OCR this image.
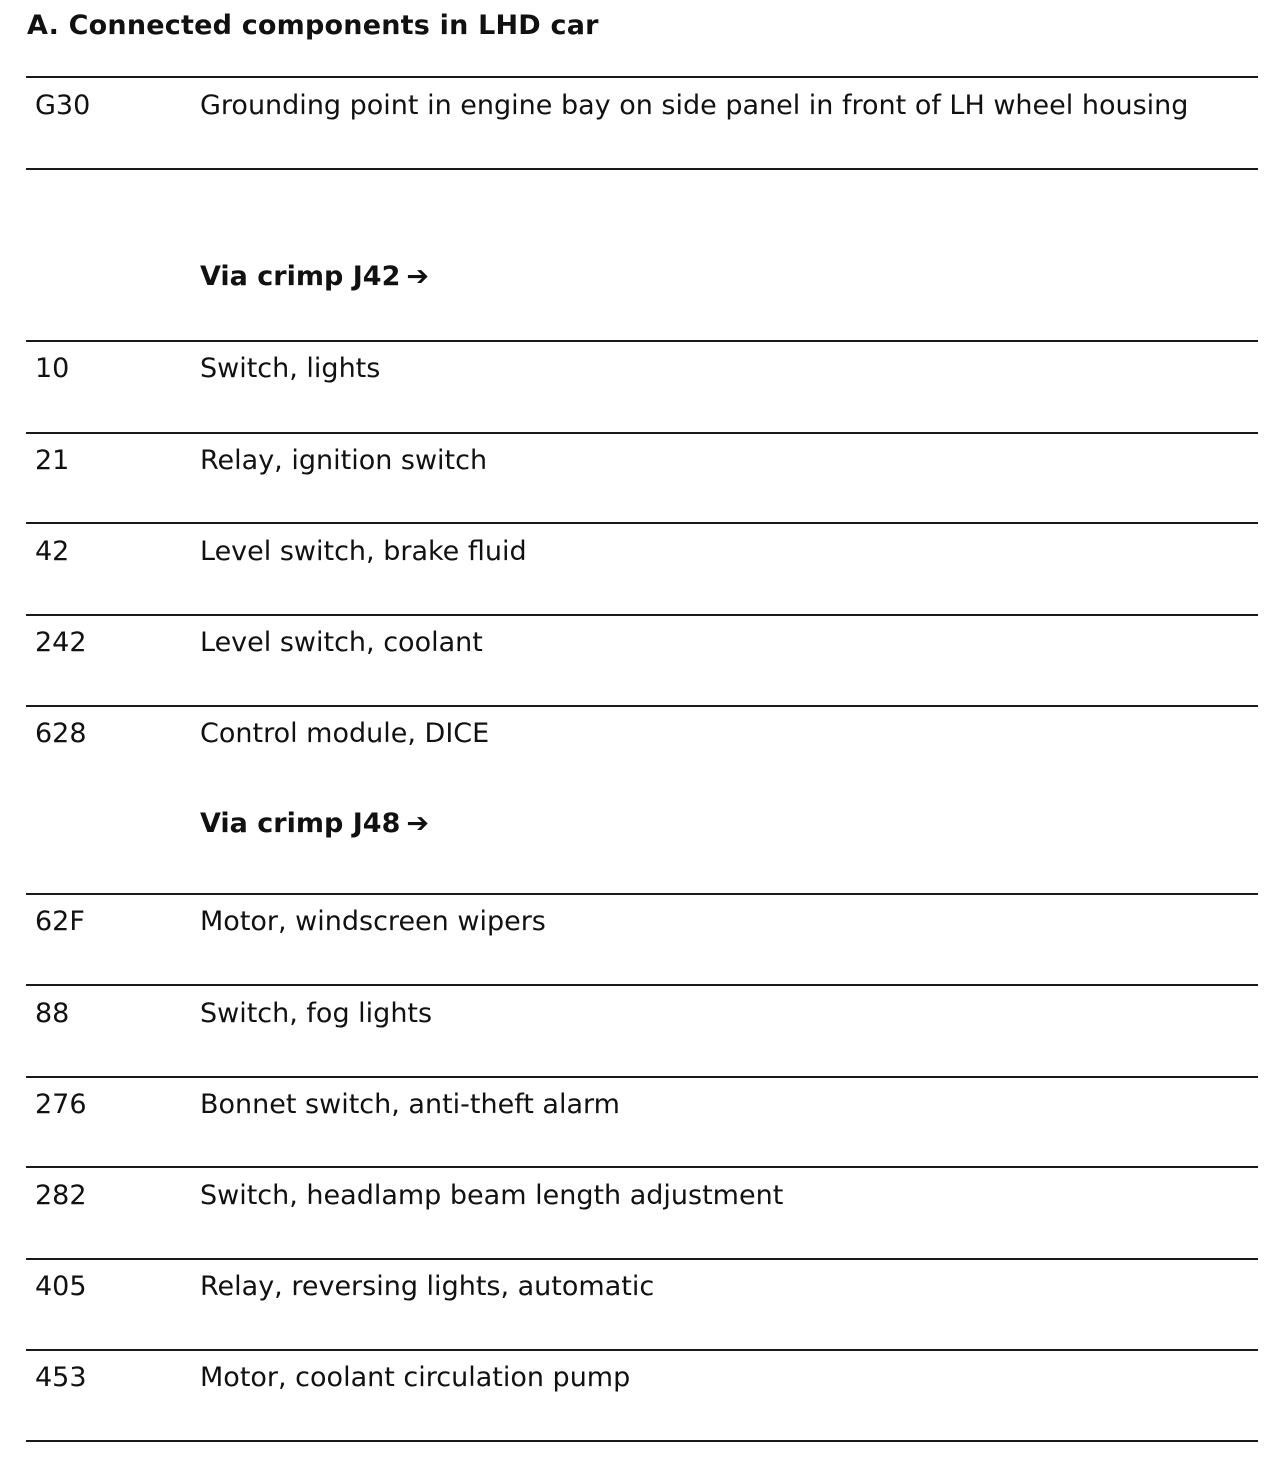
A. Connected components in LHD car
G30	Grounding point in engine bay on side panel in front of LH wheel housing
Via crimp J42 ➔
10	Switch, lights
21	Relay, ignition switch
42	Level switch, brake fluid
242	Level switch, coolant
628	Control module, DICE
Via crimp J48 ➔
62F	Motor, windscreen wipers
88	Switch, fog lights
276	Bonnet switch, anti-theft alarm
282	Switch, headlamp beam length adjustment
405	Relay, reversing lights, automatic
453	Motor, coolant circulation pump
